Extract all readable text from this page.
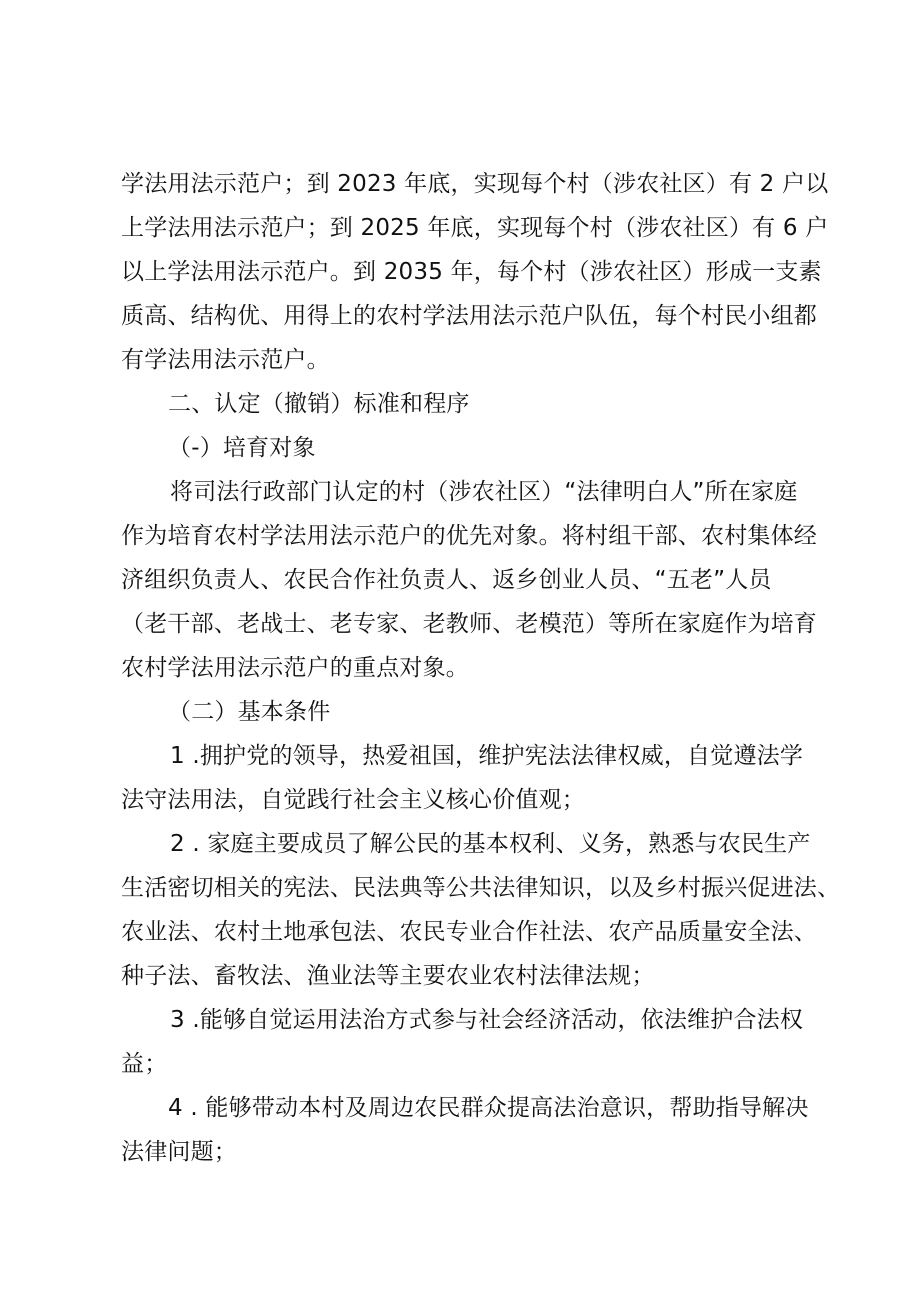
学法用法示范户；到 2023 年底，实现每个村（涉农社区）有 2 户以
上学法用法示范户；到 2025 年底，实现每个村（涉农社区）有 6 户
以上学法用法示范户。到 2035 年，每个村（涉农社区）形成一支素
质高、结构优、用得上的农村学法用法示范户队伍，每个村民小组都
有学法用法示范户。
二、认定（撤销）标准和程序
（-）培育对象
将司法行政部门认定的村（涉农社区）“法律明白人”所在家庭
作为培育农村学法用法示范户的优先对象。将村组干部、农村集体经
济组织负责人、农民合作社负责人、返乡创业人员、“五老”人员
（老干部、老战士、老专家、老教师、老模范）等所在家庭作为培育
农村学法用法示范户的重点对象。
（二）基本条件
1 .拥护党的领导，热爱祖国，维护宪法法律权威，自觉遵法学
法守法用法，自觉践行社会主义核心价值观；
2 . 家庭主要成员了解公民的基本权利、义务，熟悉与农民生产
生活密切相关的宪法、民法典等公共法律知识，以及乡村振兴促进法、
农业法、农村土地承包法、农民专业合作社法、农产品质量安全法、
种子法、畜牧法、渔业法等主要农业农村法律法规；
3 .能够自觉运用法治方式参与社会经济活动，依法维护合法权
益；
4 . 能够带动本村及周边农民群众提高法治意识，帮助指导解决
法律问题；
